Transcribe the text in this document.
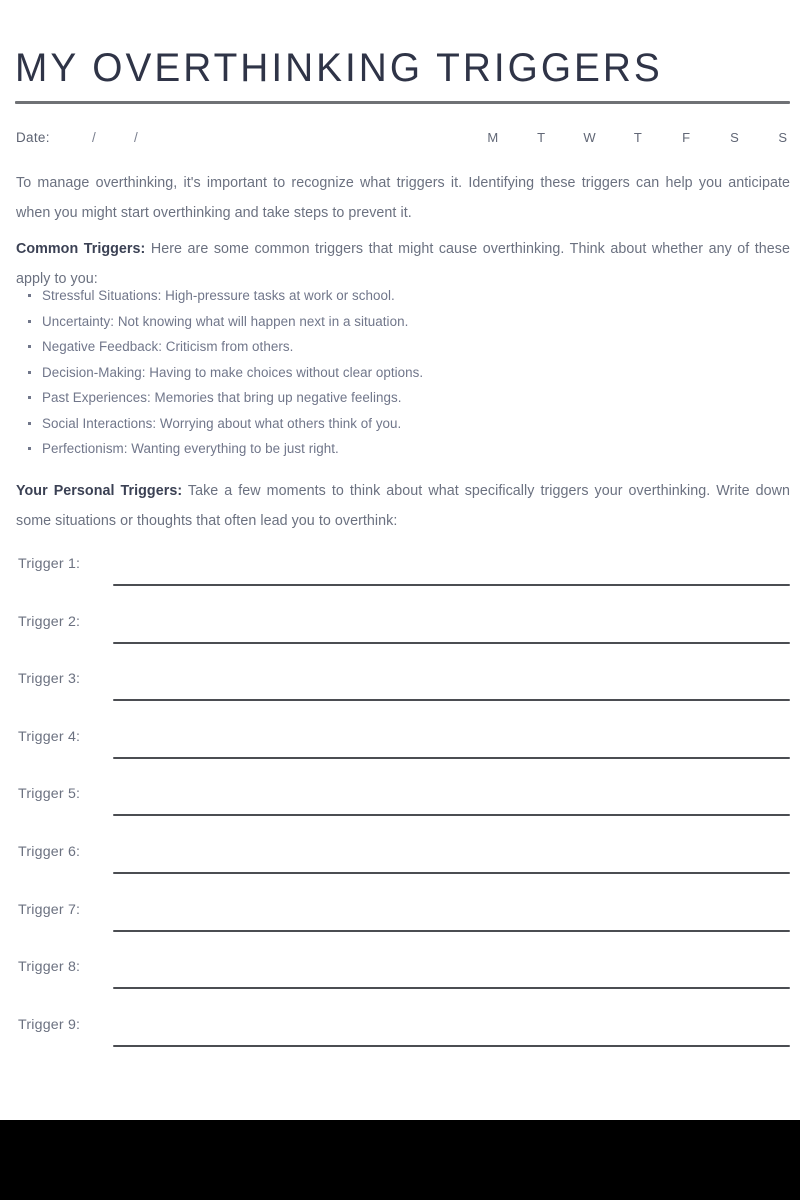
MY OVERTHINKING TRIGGERS
Date:	/	/	M	T	W	T	F	S	S
To manage overthinking, it's important to recognize what triggers it. Identifying these triggers can help you anticipate when you might start overthinking and take steps to prevent it.
Common Triggers: Here are some common triggers that might cause overthinking. Think about whether any of these apply to you:
Stressful Situations: High-pressure tasks at work or school.
Uncertainty: Not knowing what will happen next in a situation.
Negative Feedback: Criticism from others.
Decision-Making: Having to make choices without clear options.
Past Experiences: Memories that bring up negative feelings.
Social Interactions: Worrying about what others think of you.
Perfectionism: Wanting everything to be just right.
Your Personal Triggers: Take a few moments to think about what specifically triggers your overthinking. Write down some situations or thoughts that often lead you to overthink:
Trigger 1:
Trigger 2:
Trigger 3:
Trigger 4:
Trigger 5:
Trigger 6:
Trigger 7:
Trigger 8:
Trigger 9:
